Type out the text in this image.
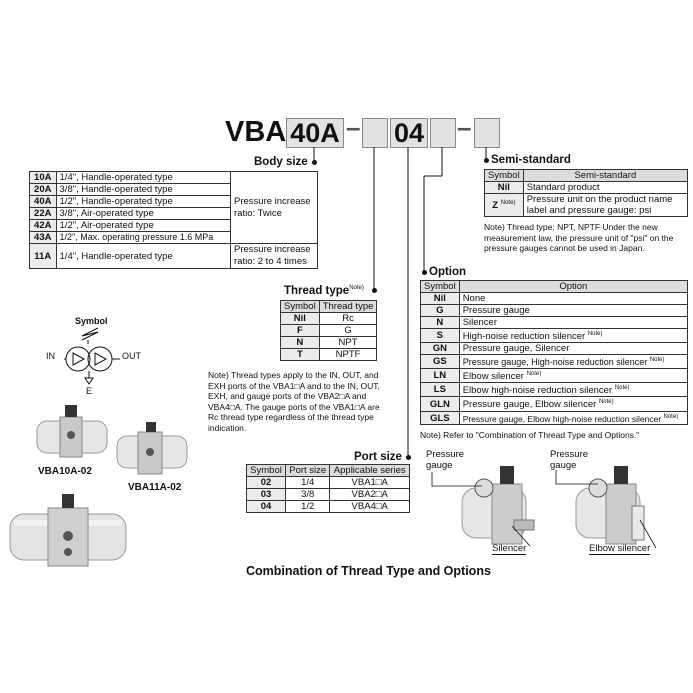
VBA 40A – 04 –
Body size
10A	1/4", Handle-operated type	Pressure increase ratio: Twice
20A	3/8", Handle-operated type	
40A	1/2", Handle-operated type	
22A	3/8", Air-operated type	
42A	1/2", Air-operated type	
43A	1/2", Max. operating pressure 1.6 MPa	
11A	1/4", Handle-operated type	Pressure increase ratio: 2 to 4 times
Semi-standard
Symbol	Semi-standard
Nil	Standard product
Z $^{Note)}$	Pressure unit on the product name label and pressure gauge: psi
Note) Thread type: NPT, NPTF Under the new measurement law, the pressure unit of "psi" on the pressure gauges cannot be used in Japan.
Thread type$^{Note)}$
Symbol	Thread type
Nil	Rc
F	G
N	NPT
T	NPTF
Note) Thread types apply to the IN, OUT, and EXH ports of the VBA1□A and to the IN, OUT, EXH, and gauge ports of the VBA2□A and VBA4□A. The gauge ports of the VBA1□A are Rc thread type regardless of the thread type indication.
Option
Symbol	Option
Nil	None
G	Pressure gauge
N	Silencer
S	High-noise reduction silencer $^{Note)}$
GN	Pressure gauge, Silencer
GS	Pressure gauge, High-noise reduction silencer $^{Note)}$
LN	Elbow silencer $^{Note)}$
LS	Elbow high-noise reduction silencer $^{Note)}$
GLN	Pressure gauge, Elbow silencer $^{Note)}$
GLS	Pressure gauge, Elbow high-noise reduction silencer $^{Note)}$
Note) Refer to "Combination of Thread Type and Options."
Port size
Symbol	Port size	Applicable series
02	1/4	VBA1□A
03	3/8	VBA2□A
04	1/2	VBA4□A
Symbol
IN	OUT
E
VBA10A-02
VBA11A-02
Pressure gauge
Pressure gauge
Silencer	Elbow silencer
Combination of Thread Type and Options
